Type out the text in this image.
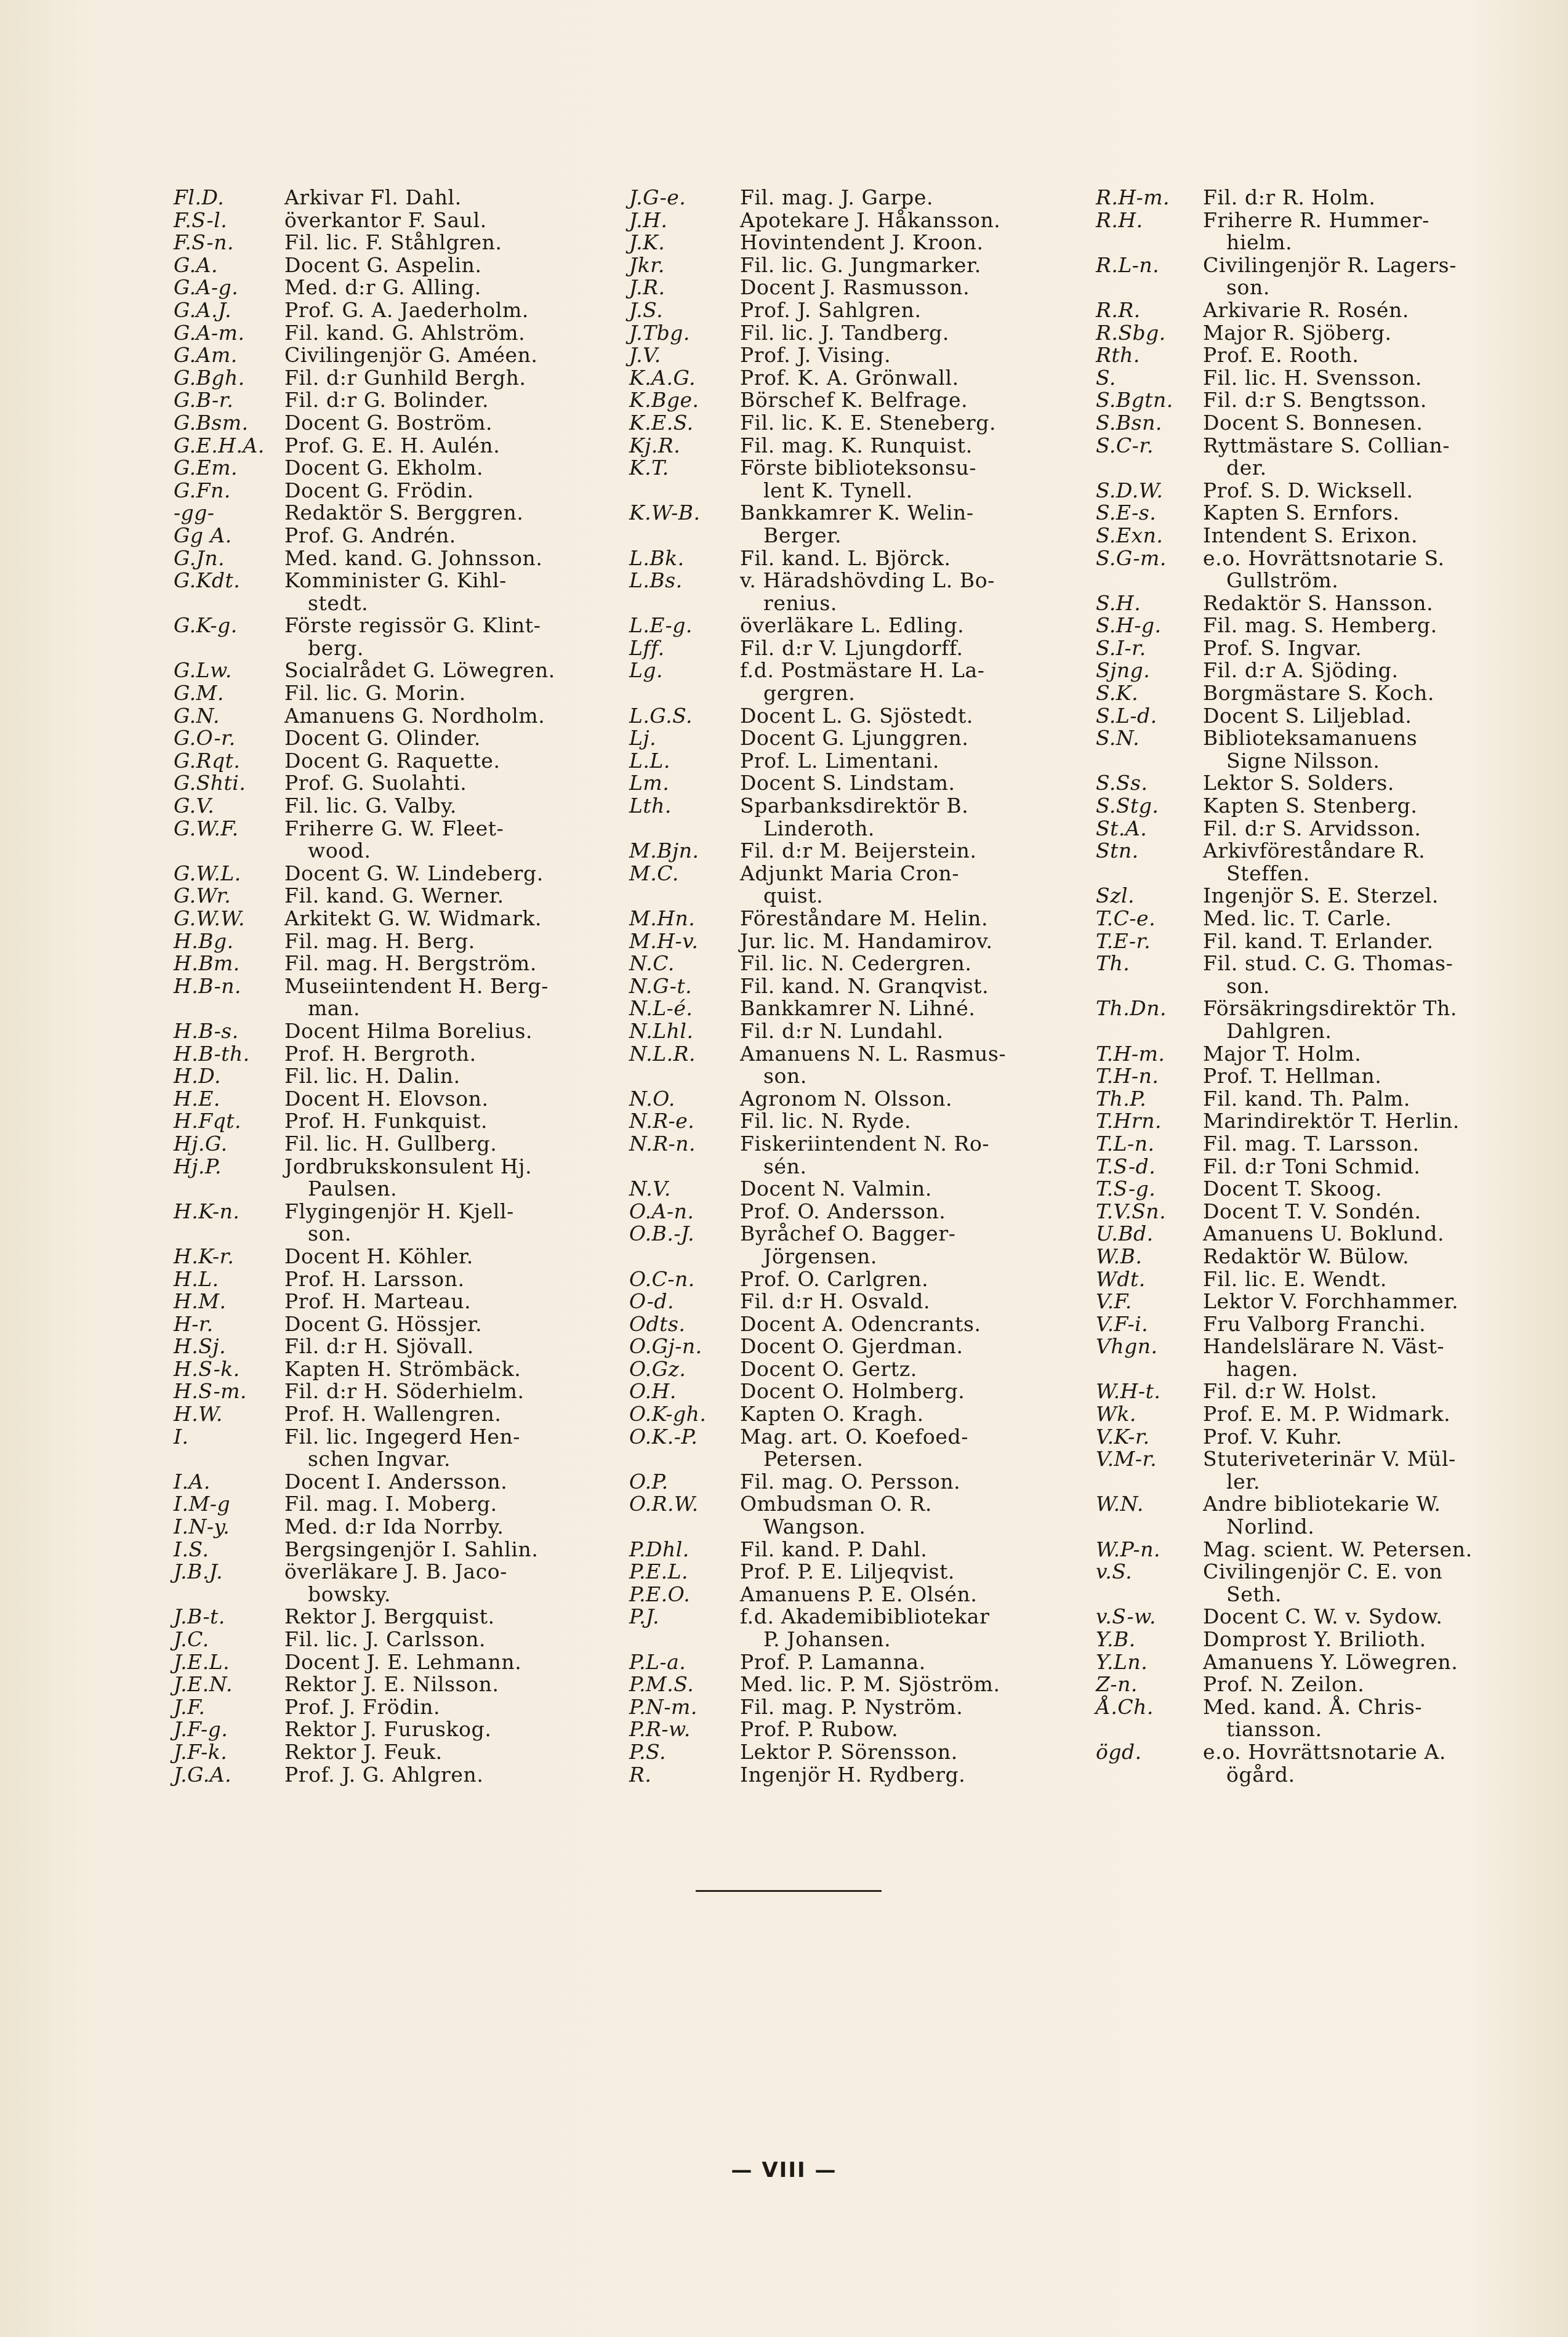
Fl.D.	Arkivar Fl. Dahl.
F.S-l.	överkantor F. Saul.
F.S-n.	Fil. lic. F. Ståhlgren.
G.A.	Docent G. Aspelin.
G.A-g.	Med. d:r G. Alling.
G.A.J.	Prof. G. A. Jaederholm.
G.A-m.	Fil. kand. G. Ahlström.
G.Am.	Civilingenjör G. Améen.
G.Bgh.	Fil. d:r Gunhild Bergh.
G.B-r.	Fil. d:r G. Bolinder.
G.Bsm.	Docent G. Boström.
G.E.H.A. Prof. G. E. H. Aulén.
G.Em.	Docent G. Ekholm.
G.Fn.	Docent G. Frödin.
-gg-	Redaktör S. Berggren.
Gg A.	Prof. G. Andrén.
G.Jn.	Med. kand. G. Johnsson.
G.Kdt.	Komminister G. Kihl-
stedt.
G.K-g.	Förste regissör G. Klint-
berg.
G.Lw.	Socialrådet G. Löwegren.
G.M.	Fil. lic. G. Morin.
G.N.	Amanuens G. Nordholm.
G.O-r.	Docent G. Olinder.
G.Rqt.	Docent G. Raquette.
G.Shti.	Prof. G. Suolahti.
G.V.	Fil. lic. G. Valby.
G.W.F.	Friherre G. W. Fleet-
wood.
G.W.L.	Docent G. W. Lindeberg.
G.Wr.	Fil. kand. G. Werner.
G.W.W.	Arkitekt G. W. Widmark.
H.Bg.	Fil. mag. H. Berg.
H.Bm.	Fil. mag. H. Bergström.
H.B-n.	Museiintendent H. Berg-
man.
H.B-s.	Docent Hilma Borelius.
H.B-th.	Prof. H. Bergroth.
H.D.	Fil. lic. H. Dalin.
H.E.	Docent H. Elovson.
H.Fqt.	Prof. H. Funkquist.
Hj.G.	Fil. lic. H. Gullberg.
Hj.P.	Jordbrukskonsulent Hj.
Paulsen.
H.K-n.	Flygingenjör H. Kjell-
son.
H.K-r.	Docent H. Köhler.
H.L.	Prof. H. Larsson.
H.M.	Prof. H. Marteau.
H-r.	Docent G. Hössjer.
H.Sj.	Fil. d:r H. Sjövall.
H.S-k.	Kapten H. Strömbäck.
H.S-m.	Fil. d:r H. Söderhielm.
H.W.	Prof. H. Wallengren.
I.	Fil. lic. Ingegerd Hen-
schen Ingvar.
I.A.	Docent I. Andersson.
I.M-g	Fil. mag. I. Moberg.
I.N-y.	Med. d:r Ida Norrby.
I.S.	Bergsingenjör I. Sahlin.
J.B.J.	överläkare J. B. Jaco-
bowsky.
J.B-t.	Rektor J. Bergquist.
J.C.	Fil. lic. J. Carlsson.
J.E.L.	Docent J. E. Lehmann.
J.E.N.	Rektor J. E. Nilsson.
J.F.	Prof. J. Frödin.
J.F-g.	Rektor J. Furuskog.
J.F-k.	Rektor J. Feuk.
J.G.A.	Prof. J. G. Ahlgren.
J.G-e.	Fil. mag. J. Garpe.
J.H.	Apotekare J. Håkansson.
J.K.	Hovintendent J. Kroon.
Jkr.	Fil. lic. G. Jungmarker.
J.R.	Docent J. Rasmusson.
J.S.	Prof. J. Sahlgren.
J.Tbg.	Fil. lic. J. Tandberg.
J.V.	Prof. J. Vising.
K.A.G.	Prof. K. A. Grönwall.
K.Bge.	Börschef K. Belfrage.
K.E.S.	Fil. lic. K. E. Steneberg.
Kj.R.	Fil. mag. K. Runquist.
K.T.	Förste biblioteksonsu-
lent K. Tynell.
K.W-B.	Bankkamrer K. Welin-
Berger.
L.Bk.	Fil. kand. L. Björck.
L.Bs.	v. Häradshövding L. Bo-
renius.
L.E-g.	överläkare L. Edling.
Lff.	Fil. d:r V. Ljungdorff.
Lg.	f.d. Postmästare H. La-
gergren.
L.G.S.	Docent L. G. Sjöstedt.
Lj.	Docent G. Ljunggren.
L.L.	Prof. L. Limentani.
Lm.	Docent S. Lindstam.
Lth.	Sparbanksdirektör B.
Linderoth.
M.Bjn.	Fil. d:r M. Beijerstein.
M.C.	Adjunkt Maria Cron-
quist.
M.Hn.	Föreståndare M. Helin.
M.H-v.	Jur. lic. M. Handamirov.
N.C.	Fil. lic. N. Cedergren.
N.G-t.	Fil. kand. N. Granqvist.
N.L-é.	Bankkamrer N. Lihné.
N.Lhl.	Fil. d:r N. Lundahl.
N.L.R.	Amanuens N. L. Rasmus-
son.
N.O.	Agronom N. Olsson.
N.R-e.	Fil. lic. N. Ryde.
N.R-n.	Fiskeriintendent N. Ro-
sén.
N.V.	Docent N. Valmin.
O.A-n.	Prof. O. Andersson.
O.B.-J.	Byråchef O. Bagger-
Jörgensen.
O.C-n.	Prof. O. Carlgren.
O-d.	Fil. d:r H. Osvald.
Odts.	Docent A. Odencrants.
O.Gj-n.	Docent O. Gjerdman.
O.Gz.	Docent O. Gertz.
O.H.	Docent O. Holmberg.
O.K-gh.	Kapten O. Kragh.
O.K.-P.	Mag. art. O. Koefoed-
Petersen.
O.P.	Fil. mag. O. Persson.
O.R.W.	Ombudsman O. R.
Wangson.
P.Dhl.	Fil. kand. P. Dahl.
P.E.L.	Prof. P. E. Liljeqvist.
P.E.O.	Amanuens P. E. Olsén.
P.J.	f.d. Akademibibliotekar
P. Johansen.
P.L-a.	Prof. P. Lamanna.
P.M.S.	Med. lic. P. M. Sjöström.
P.N-m.	Fil. mag. P. Nyström.
P.R-w.	Prof. P. Rubow.
P.S.	Lektor P. Sörensson.
R.	Ingenjör H. Rydberg.
R.H-m.	Fil. d:r R. Holm.
R.H.	Friherre R. Hummer-
hielm.
R.L-n.	Civilingenjör R. Lagers-
son.
R.R.	Arkivarie R. Rosén.
R.Sbg.	Major R. Sjöberg.
Rth.	Prof. E. Rooth.
S.	Fil. lic. H. Svensson.
S.Bgtn.	Fil. d:r S. Bengtsson.
S.Bsn.	Docent S. Bonnesen.
S.C-r.	Ryttmästare S. Collian-
der.
S.D.W.	Prof. S. D. Wicksell.
S.E-s.	Kapten S. Ernfors.
S.Exn.	Intendent S. Erixon.
S.G-m.	e.o. Hovrättsnotarie S.
Gullström.
S.H.	Redaktör S. Hansson.
S.H-g.	Fil. mag. S. Hemberg.
S.I-r.	Prof. S. Ingvar.
Sjng.	Fil. d:r A. Sjöding.
S.K.	Borgmästare S. Koch.
S.L-d.	Docent S. Liljeblad.
S.N.	Biblioteksamanuens
Signe Nilsson.
S.Ss.	Lektor S. Solders.
S.Stg.	Kapten S. Stenberg.
St.A.	Fil. d:r S. Arvidsson.
Stn.	Arkivföreståndare R.
Steffen.
Szl.	Ingenjör S. E. Sterzel.
T.C-e.	Med. lic. T. Carle.
T.E-r.	Fil. kand. T. Erlander.
Th.	Fil. stud. C. G. Thomas-
son.
Th.Dn.	Försäkringsdirektör Th.
Dahlgren.
T.H-m.	Major T. Holm.
T.H-n.	Prof. T. Hellman.
Th.P.	Fil. kand. Th. Palm.
T.Hrn.	Marindirektör T. Herlin.
T.L-n.	Fil. mag. T. Larsson.
T.S-d.	Fil. d:r Toni Schmid.
T.S-g.	Docent T. Skoog.
T.V.Sn.	Docent T. V. Sondén.
U.Bd.	Amanuens U. Boklund.
W.B.	Redaktör W. Bülow.
Wdt.	Fil. lic. E. Wendt.
V.F.	Lektor V. Forchhammer.
V.F-i.	Fru Valborg Franchi.
Vhgn.	Handelslärare N. Väst-
hagen.
W.H-t.	Fil. d:r W. Holst.
Wk.	Prof. E. M. P. Widmark.
V.K-r.	Prof. V. Kuhr.
V.M-r.	Stuteriveterinär V. Mül-
ler.
W.N.	Andre bibliotekarie W.
Norlind.
W.P-n.	Mag. scient. W. Petersen.
v.S.	Civilingenjör C. E. von
Seth.
v.S-w.	Docent C. W. v. Sydow.
Y.B.	Domprost Y. Brilioth.
Y.Ln.	Amanuens Y. Löwegren.
Z-n.	Prof. N. Zeilon.
Å.Ch.	Med. kand. Å. Chris-
tiansson.
ögd.	e.o. Hovrättsnotarie A.
ögård.
— VIII —
